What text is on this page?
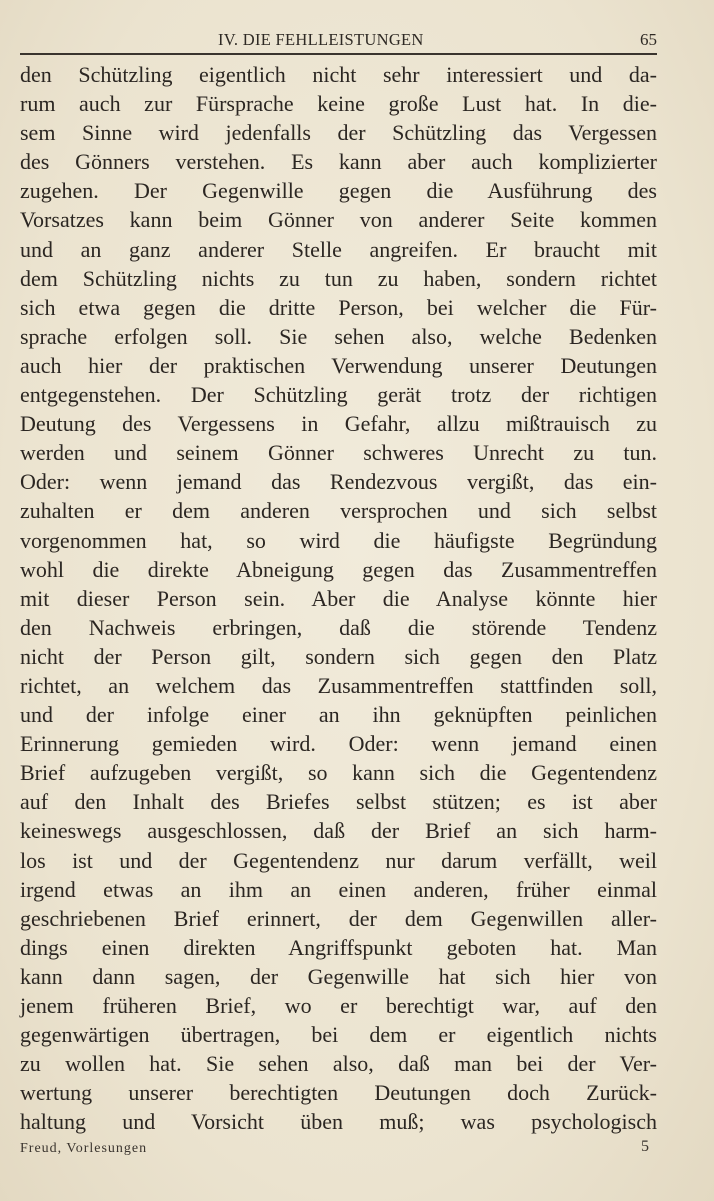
IV. DIE FEHLLEISTUNGEN	65
den Schützling eigentlich nicht sehr interessiert und da-
rum auch zur Fürsprache keine große Lust hat. In die-
sem Sinne wird jedenfalls der Schützling das Vergessen
des Gönners verstehen. Es kann aber auch komplizierter
zugehen. Der Gegenwille gegen die Ausführung des
Vorsatzes kann beim Gönner von anderer Seite kommen
und an ganz anderer Stelle angreifen. Er braucht mit
dem Schützling nichts zu tun zu haben, sondern richtet
sich etwa gegen die dritte Person, bei welcher die Für-
sprache erfolgen soll. Sie sehen also, welche Bedenken
auch hier der praktischen Verwendung unserer Deutungen
entgegenstehen. Der Schützling gerät trotz der richtigen
Deutung des Vergessens in Gefahr, allzu mißtrauisch zu
werden und seinem Gönner schweres Unrecht zu tun.
Oder: wenn jemand das Rendezvous vergißt, das ein-
zuhalten er dem anderen versprochen und sich selbst
vorgenommen hat, so wird die häufigste Begründung
wohl die direkte Abneigung gegen das Zusammentreffen
mit dieser Person sein. Aber die Analyse könnte hier
den Nachweis erbringen, daß die störende Tendenz
nicht der Person gilt, sondern sich gegen den Platz
richtet, an welchem das Zusammentreffen stattfinden soll,
und der infolge einer an ihn geknüpften peinlichen
Erinnerung gemieden wird. Oder: wenn jemand einen
Brief aufzugeben vergißt, so kann sich die Gegentendenz
auf den Inhalt des Briefes selbst stützen; es ist aber
keineswegs ausgeschlossen, daß der Brief an sich harm-
los ist und der Gegentendenz nur darum verfällt, weil
irgend etwas an ihm an einen anderen, früher einmal
geschriebenen Brief erinnert, der dem Gegenwillen aller-
dings einen direkten Angriffspunkt geboten hat. Man
kann dann sagen, der Gegenwille hat sich hier von
jenem früheren Brief, wo er berechtigt war, auf den
gegenwärtigen übertragen, bei dem er eigentlich nichts
zu wollen hat. Sie sehen also, daß man bei der Ver-
wertung unserer berechtigten Deutungen doch Zurück-
haltung und Vorsicht üben muß; was psychologisch
Freud, Vorlesungen	5
